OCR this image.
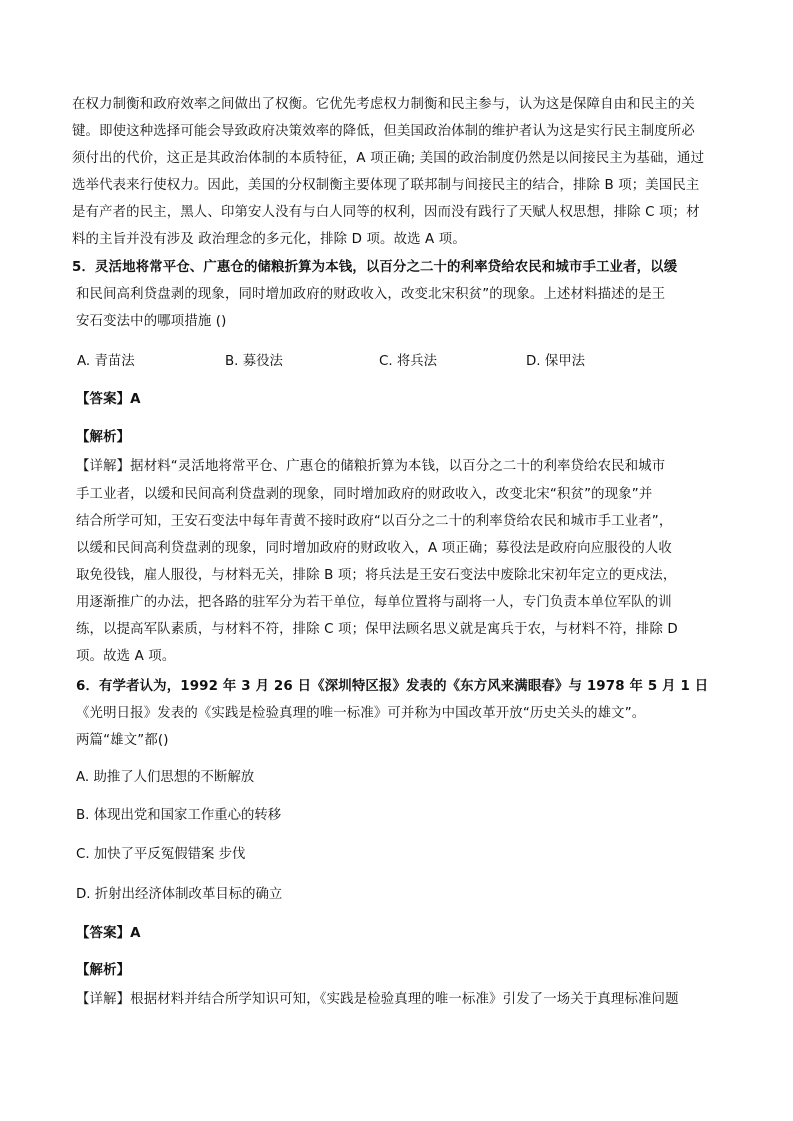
在权力制衡和政府效率之间做出了权衡。它优先考虑权力制衡和民主参与，认为这是保障自由和民主的关
键。即使这种选择可能会导致政府决策效率的降低，但美国政治体制的维护者认为这是实行民主制度所必
须付出的代价，这正是其政治体制的本质特征，A 项正确; 美国的政治制度仍然是以间接民主为基础，通过
选举代表来行使权力。因此，美国的分权制衡主要体现了联邦制与间接民主的结合，排除 B 项；美国民主
是有产者的民主，黑人、印第安人没有与白人同等的权利，因而没有践行了天赋人权思想，排除 C 项；材
料的主旨并没有涉及 政治理念的多元化，排除 D 项。故选 A 项。
5．灵活地将常平仓、广惠仓的储粮折算为本钱，以百分之二十的利率贷给农民和城市手工业者，以缓
和民间高利贷盘剥的现象，同时增加政府的财政收入，改变北宋积贫”的现象。上述材料描述的是王
安石变法中的哪项措施 ()
A. 青苗法	B. 募役法	C. 将兵法	D. 保甲法
【答案】A
【解析】
【详解】据材料“灵活地将常平仓、广惠仓的储粮折算为本钱，以百分之二十的利率贷给农民和城市
手工业者，以缓和民间高利贷盘剥的现象，同时增加政府的财政收入，改变北宋“积贫”的现象”并
结合所学可知，王安石变法中每年青黄不接时政府“以百分之二十的利率贷给农民和城市手工业者”，
以缓和民间高利贷盘剥的现象，同时增加政府的财政收入，A 项正确；募役法是政府向应服役的人收
取免役钱，雇人服役，与材料无关，排除 B 项；将兵法是王安石变法中废除北宋初年定立的更戍法，
用逐渐推广的办法，把各路的驻军分为若干单位，每单位置将与副将一人，专门负责本单位军队的训
练，以提高军队素质，与材料不符，排除 C 项；保甲法顾名思义就是寓兵于农，与材料不符，排除 D
项。故选 A 项。
6．有学者认为，1992 年 3 月 26 日《深圳特区报》发表的《东方风来满眼春》与 1978 年 5 月 1 日
《光明日报》发表的《实践是检验真理的唯一标准》可并称为中国改革开放“历史关头的雄文”。
两篇“雄文”都()
A. 助推了人们思想的不断解放
B. 体现出党和国家工作重心的转移
C. 加快了平反冤假错案 步伐
D. 折射出经济体制改革目标的确立
【答案】A
【解析】
【详解】根据材料并结合所学知识可知，《实践是检验真理的唯一标准》引发了一场关于真理标准问题
